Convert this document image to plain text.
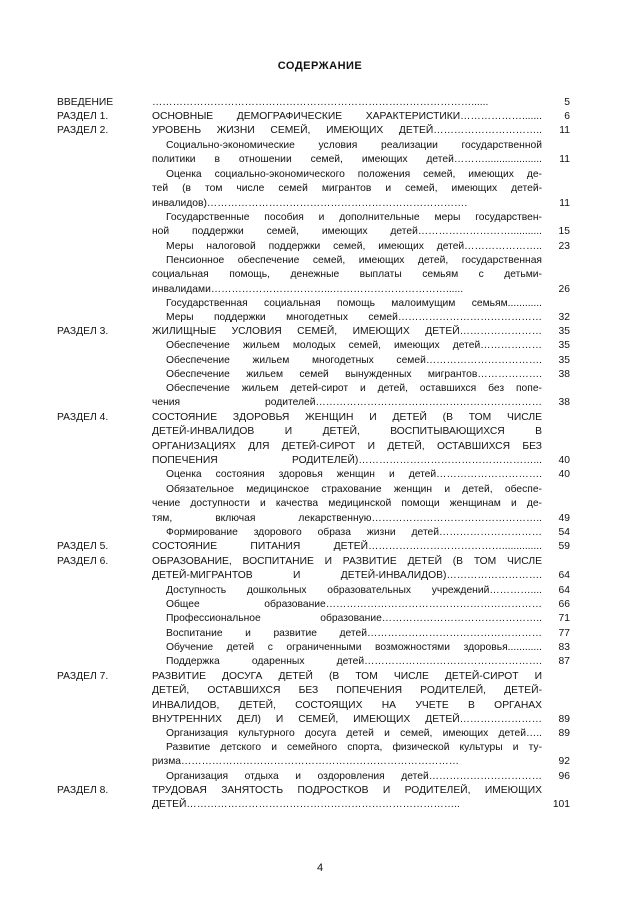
СОДЕРЖАНИЕ
ВВЕДЕНИЕ	…………………………………………………………………………………......	5
РАЗДЕЛ 1.	ОСНОВНЫЕ ДЕМОГРАФИЧЕСКИЕ ХАРАКТЕРИСТИКИ………………....... 6
РАЗДЕЛ 2.	УРОВЕНЬ ЖИЗНИ СЕМЕЙ, ИМЕЮЩИХ ДЕТЕЙ………………………….. 11
Социально-экономические условия реализации государственной
политики в отношении семей, имеющих детей……….................... 11
Оценка социально-экономического положения семей, имеющих де-
тей (в том числе семей мигрантов и семей, имеющих детей-
инвалидов)………………………………………………………………….	11
Государственные пособия и дополнительные меры государствен-
ной поддержки семей, имеющих детей………………………........... 15
Меры налоговой поддержки семей, имеющих детей………………….. 23
Пенсионное обеспечение семей, имеющих детей, государственная
социальная помощь, денежные выплаты семьям с детьми-
инвалидами……………………………...……………………………......	26
Государственная социальная помощь малоимущим семьям............
Меры поддержки многодетных семей…………………………………… 32
РАЗДЕЛ 3.	ЖИЛИЩНЫЕ УСЛОВИЯ СЕМЕЙ, ИМЕЮЩИХ ДЕТЕЙ…………………… 35
Обеспечение жильем молодых семей, имеющих детей……………… 35
Обеспечение жильем многодетных семей……………………………. 35
Обеспечение жильем семей вынужденных мигрантов………………. 38
Обеспечение жильем детей-сирот и детей, оставшихся без попе-
чения родителей………………………………………………………… 38
РАЗДЕЛ 4.	СОСТОЯНИЕ ЗДОРОВЬЯ ЖЕНЩИН И ДЕТЕЙ (В ТОМ ЧИСЛЕ
ДЕТЕЙ-ИНВАЛИДОВ И ДЕТЕЙ, ВОСПИТЫВАЮЩИХСЯ В
ОРГАНИЗАЦИЯХ ДЛЯ ДЕТЕЙ-СИРОТ И ДЕТЕЙ, ОСТАВШИХСЯ БЕЗ
ПОПЕЧЕНИЯ РОДИТЕЛЕЙ)……………………………………………... 40
Оценка состояния здоровья женщин и детей…………………………. 40
Обязательное медицинское страхование женщин и детей, обеспе-
чение доступности и качества медицинской помощи женщинам и де-
тям, включая лекарственную………………………………………….. 49
Формирование здорового образа жизни детей………………………… 54
РАЗДЕЛ 5.	СОСТОЯНИЕ ПИТАНИЯ ДЕТЕЙ………………………………….............. 59
РАЗДЕЛ 6.	ОБРАЗОВАНИЕ, ВОСПИТАНИЕ И РАЗВИТИЕ ДЕТЕЙ (В ТОМ ЧИСЛЕ
ДЕТЕЙ-МИГРАНТОВ И ДЕТЕЙ-ИНВАЛИДОВ)………………………. 64
Доступность дошкольных образовательных учреждений………….... 64
Общее образование……………………………………………………… 66
Профессиональное образование……………………………………….. 71
Воспитание и развитие детей…………………………………………… 77
Обучение детей с ограниченными возможностями здоровья............ 83
Поддержка одаренных детей……………………………………………. 87
РАЗДЕЛ 7.	РАЗВИТИЕ ДОСУГА ДЕТЕЙ (В ТОМ ЧИСЛЕ ДЕТЕЙ-СИРОТ И
ДЕТЕЙ, ОСТАВШИХСЯ БЕЗ ПОПЕЧЕНИЯ РОДИТЕЛЕЙ, ДЕТЕЙ-
ИНВАЛИДОВ, ДЕТЕЙ, СОСТОЯЩИХ НА УЧЕТЕ В ОРГАНАХ
ВНУТРЕННИХ ДЕЛ) И СЕМЕЙ, ИМЕЮЩИХ ДЕТЕЙ…………………… 89
Организация культурного досуга детей и семей, имеющих детей….. 89
Развитие детского и семейного спорта, физической культуры и ту-
ризма………………………………………………………………………	92
Организация отдыха и оздоровления детей…………………………… 96
РАЗДЕЛ 8.	ТРУДОВАЯ ЗАНЯТОСТЬ ПОДРОСТКОВ И РОДИТЕЛЕЙ, ИМЕЮЩИХ
ДЕТЕЙ……………………………………………………………………..	101
4
